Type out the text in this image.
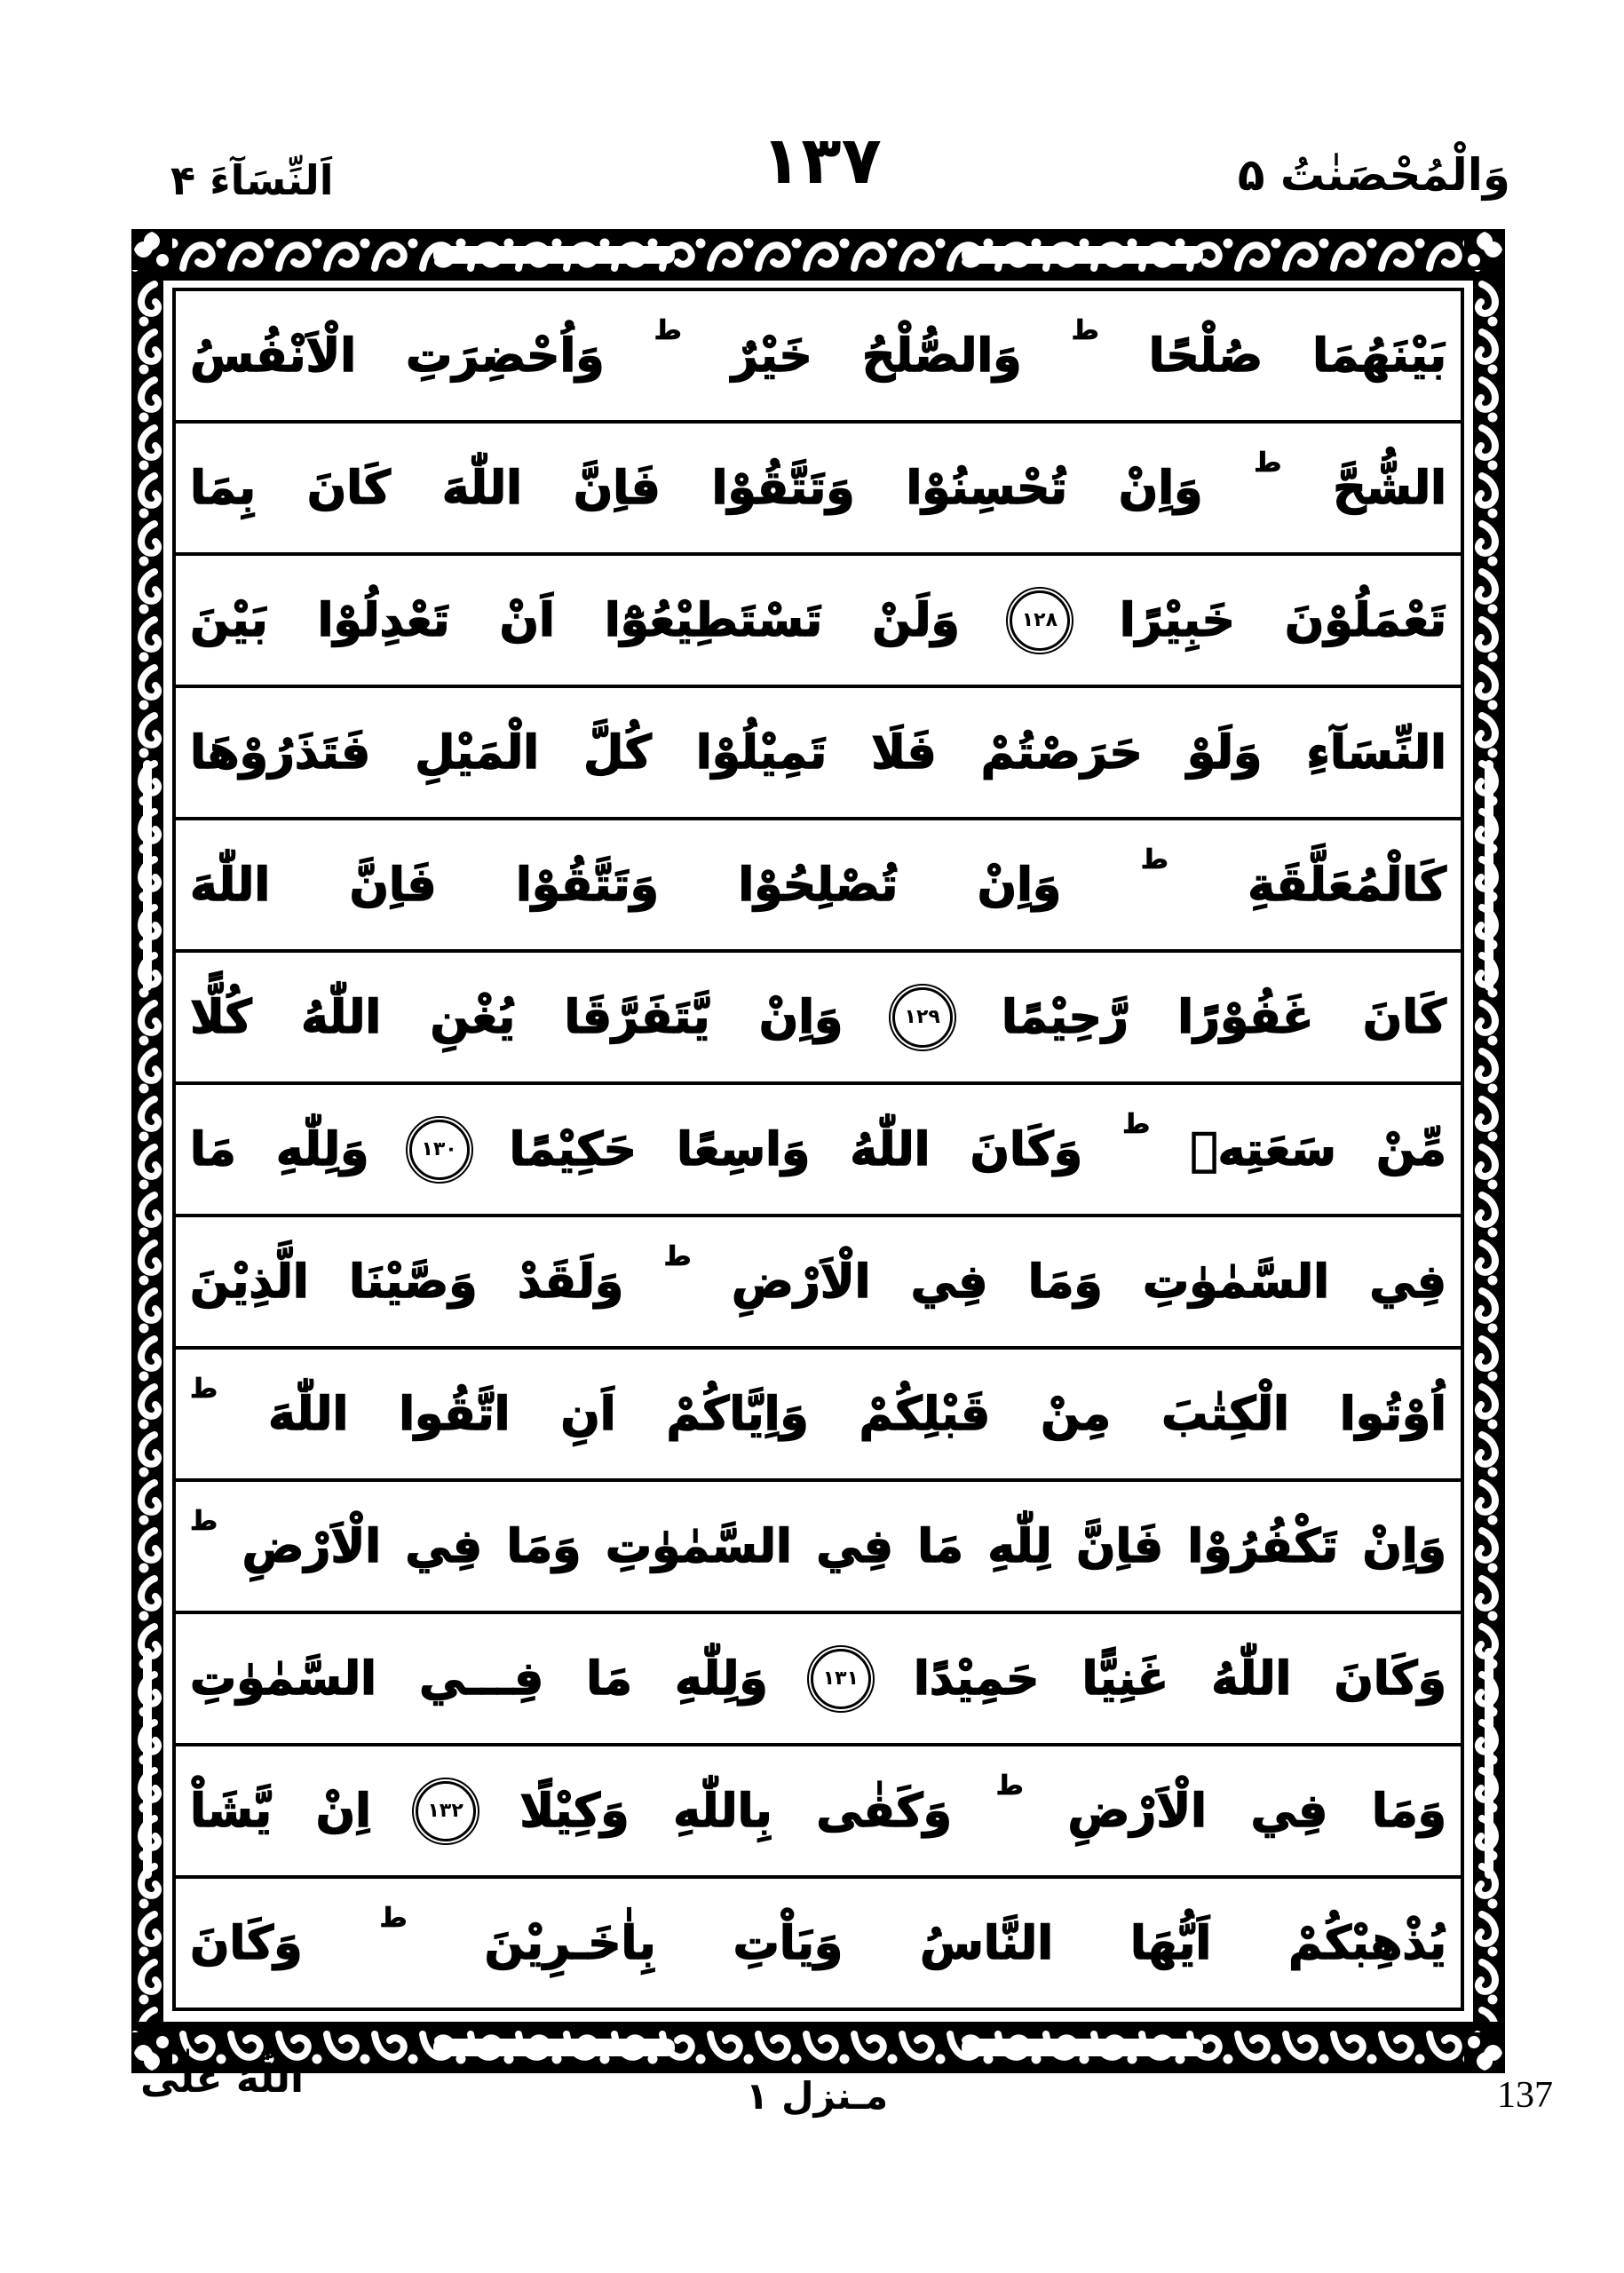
اَلنِّسَآءَ ۴	۱۳۷	وَالْمُحْصَنٰتُ ۵
بَيْنَهُمَا
صُلْحًا
ط
وَالصُّلْحُ
خَيْرٌ
ط
وَاُحْضِرَتِ
الْاَنْفُسُ
الشُّحَّ
ط
وَاِنْ
تُحْسِنُوْا
وَتَتَّقُوْا
فَاِنَّ
اللّٰهَ
كَانَ
بِمَا
تَعْمَلُوْنَ
خَبِيْرًا
۱۲۸
وَلَنْ
تَسْتَطِيْعُوْٓا
اَنْ
تَعْدِلُوْا
بَيْنَ
النِّسَآءِ
وَلَوْ
حَرَصْتُمْ
فَلَا
تَمِيْلُوْا
كُلَّ
الْمَيْلِ
فَتَذَرُوْهَا
كَالْمُعَلَّقَةِ
ط
وَاِنْ
تُصْلِحُوْا
وَتَتَّقُوْا
فَاِنَّ
اللّٰهَ
كَانَ
غَفُوْرًا
رَّحِيْمًا
۱۲۹
وَاِنْ
يَّتَفَرَّقَا
يُغْنِ
اللّٰهُ
كُلًّا
مِّنْ
سَعَتِهٖ
ط
وَكَانَ
اللّٰهُ
وَاسِعًا
حَكِيْمًا
۱۳۰
وَلِلّٰهِ
مَا
فِي
السَّمٰوٰتِ
وَمَا
فِي
الْاَرْضِ
ط
وَلَقَدْ
وَصَّيْنَا
الَّذِيْنَ
اُوْتُوا
الْكِتٰبَ
مِنْ
قَبْلِكُمْ
وَاِيَّاكُمْ
اَنِ
اتَّقُوا
اللّٰهَ
ط
وَاِنْ
تَكْفُرُوْا
فَاِنَّ
لِلّٰهِ
مَا
فِي
السَّمٰوٰتِ
وَمَا
فِي
الْاَرْضِ
ط
وَكَانَ
اللّٰهُ
غَنِيًّا
حَمِيْدًا
۱۳۱
وَلِلّٰهِ
مَا
فِـــي
السَّمٰوٰتِ
وَمَا
فِي
الْاَرْضِ
ط
وَكَفٰى
بِاللّٰهِ
وَكِيْلًا
۱۳۲
اِنْ
يَّشَاْ
يُذْهِبْكُمْ
اَيُّهَا
النَّاسُ
وَيَاْتِ
بِاٰخَـرِيْنَ
ط
وَكَانَ
اللّٰهُ عَلٰى	مـنزل ۱	137
